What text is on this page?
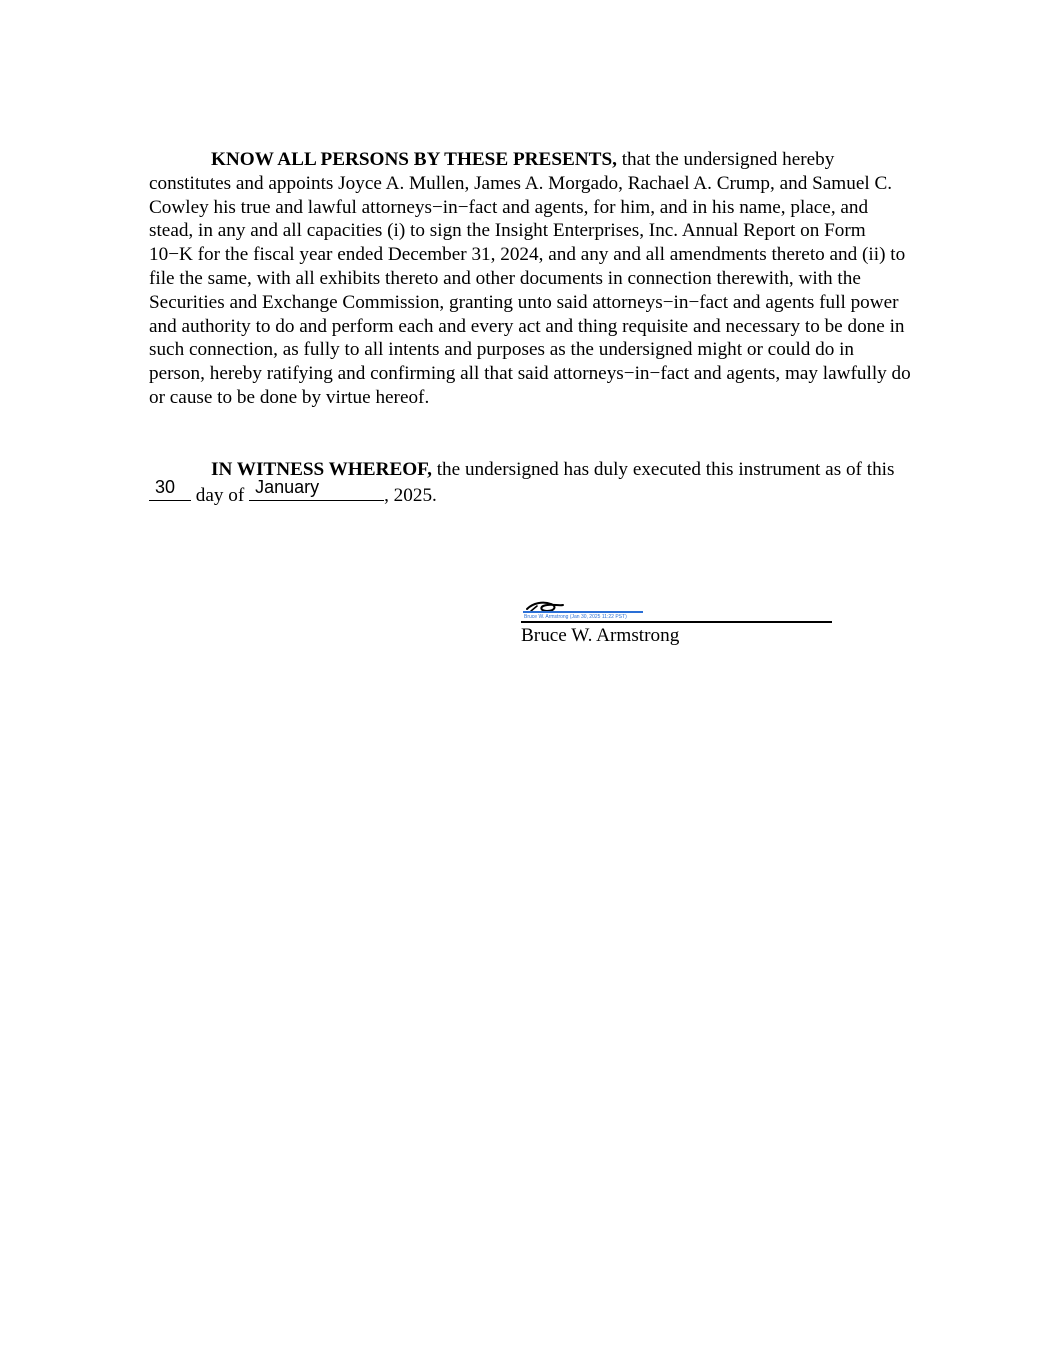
KNOW ALL PERSONS BY THESE PRESENTS, that the undersigned hereby constitutes and appoints Joyce A. Mullen, James A. Morgado, Rachael A. Crump, and Samuel C. Cowley his true and lawful attorneys−in−fact and agents, for him, and in his name, place, and stead, in any and all capacities (i) to sign the Insight Enterprises, Inc. Annual Report on Form 10−K for the fiscal year ended December 31, 2024, and any and all amendments thereto and (ii) to file the same, with all exhibits thereto and other documents in connection therewith, with the Securities and Exchange Commission, granting unto said attorneys−in−fact and agents full power and authority to do and perform each and every act and thing requisite and necessary to be done in such connection, as fully to all intents and purposes as the undersigned might or could do in person, hereby ratifying and confirming all that said attorneys−in−fact and agents, may lawfully do or cause to be done by virtue hereof.

IN WITNESS WHEREOF, the undersigned has duly executed this instrument as of this
30 day of January	, 2025.

Bruce W. Armstrong (Jan 30, 2025 11:22 PST)
Bruce W. Armstrong
